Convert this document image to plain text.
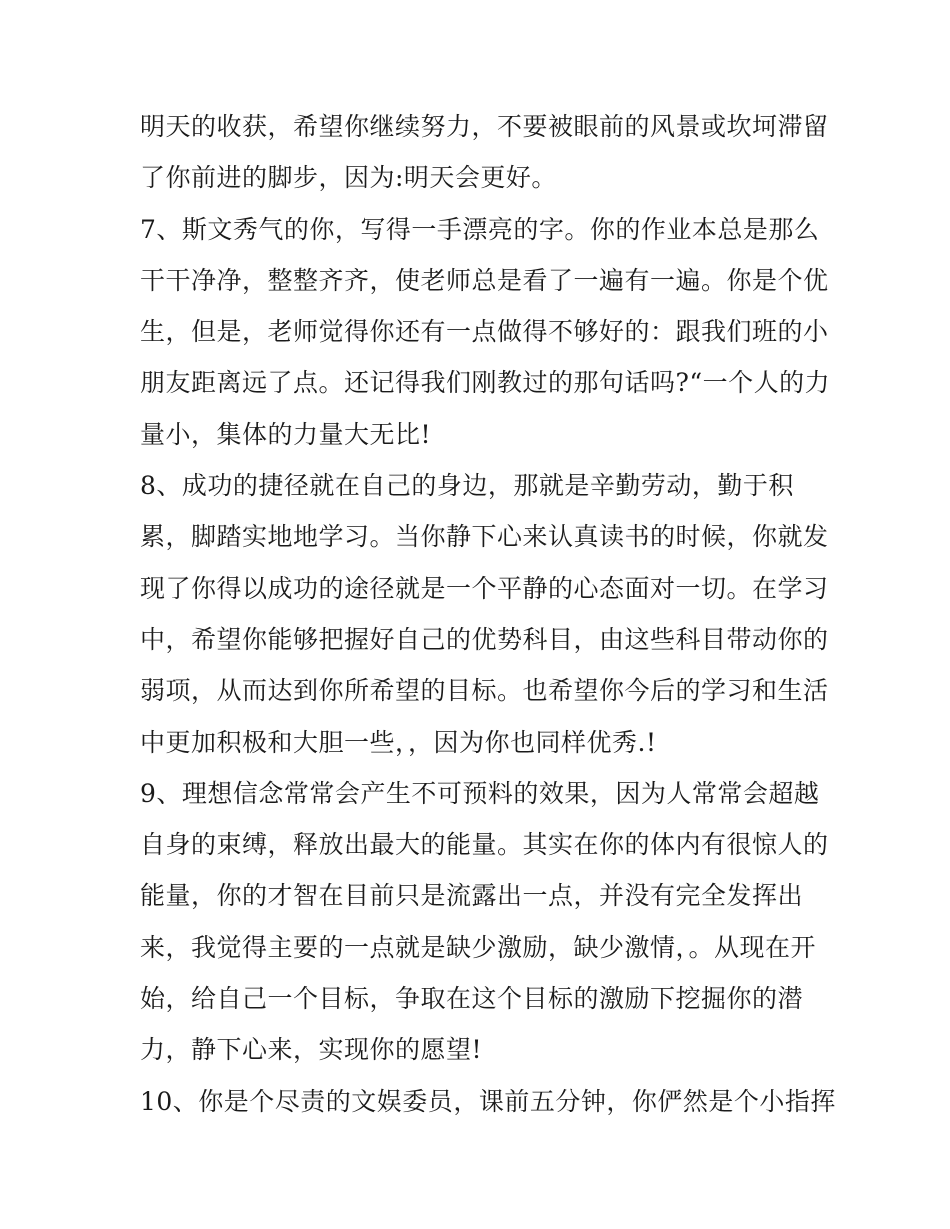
明天的收获，希望你继续努力，不要被眼前的风景或坎坷滞留
了你前进的脚步，因为:明天会更好。
7、斯文秀气的你，写得一手漂亮的字。你的作业本总是那么
干干净净，整整齐齐，使老师总是看了一遍有一遍。你是个优
生，但是，老师觉得你还有一点做得不够好的：跟我们班的小
朋友距离远了点。还记得我们刚教过的那句话吗?“一个人的力
量小，集体的力量大无比!
8、成功的捷径就在自己的身边，那就是辛勤劳动，勤于积
累，脚踏实地地学习。当你静下心来认真读书的时候，你就发
现了你得以成功的途径就是一个平静的心态面对一切。在学习
中，希望你能够把握好自己的优势科目，由这些科目带动你的
弱项，从而达到你所希望的目标。也希望你今后的学习和生活
中更加积极和大胆一些，，因为你也同样优秀.!
9、理想信念常常会产生不可预料的效果，因为人常常会超越
自身的束缚，释放出最大的能量。其实在你的体内有很惊人的
能量，你的才智在目前只是流露出一点，并没有完全发挥出
来，我觉得主要的一点就是缺少激励，缺少激情，。从现在开
始，给自己一个目标，争取在这个目标的激励下挖掘你的潜
力，静下心来，实现你的愿望!
10、你是个尽责的文娱委员，课前五分钟，你俨然是个小指挥
